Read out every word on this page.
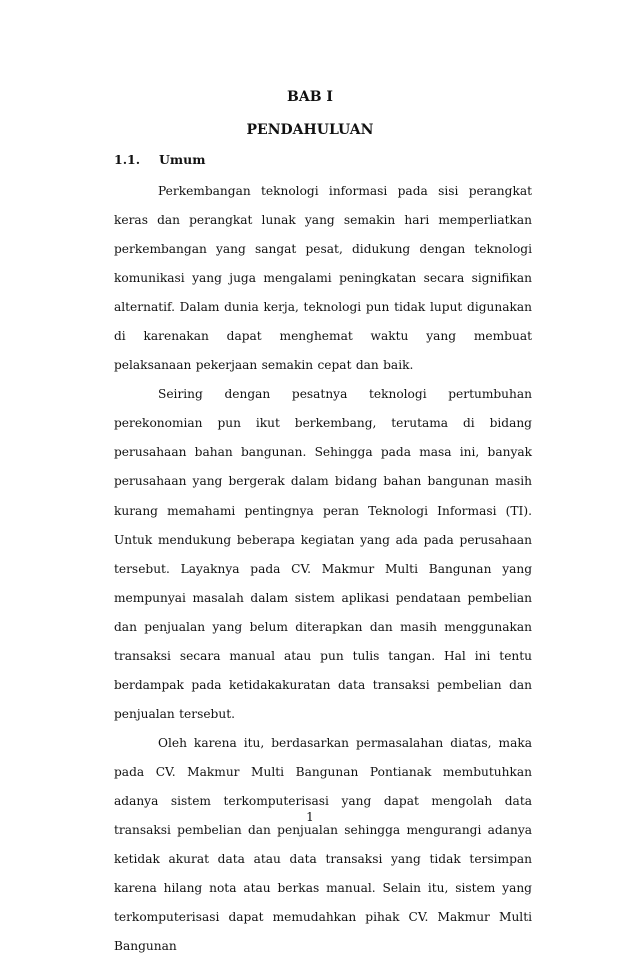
BAB I
PENDAHULUAN
1.1. Umum

Perkembangan teknologi informasi pada sisi perangkat keras dan perangkat lunak yang semakin hari memperliatkan perkembangan yang sangat pesat, didukung dengan teknologi komunikasi yang juga mengalami peningkatan secara signifikan alternatif. Dalam dunia kerja, teknologi pun tidak luput digunakan di karenakan dapat menghemat waktu yang membuat pelaksanaan pekerjaan semakin cepat dan baik.

Seiring dengan pesatnya teknologi pertumbuhan perekonomian pun ikut berkembang, terutama di bidang perusahaan bahan bangunan. Sehingga pada masa ini, banyak perusahaan yang bergerak dalam bidang bahan bangunan masih kurang memahami pentingnya peran Teknologi Informasi (TI). Untuk mendukung beberapa kegiatan yang ada pada perusahaan tersebut. Layaknya pada CV. Makmur Multi Bangunan yang mempunyai masalah dalam sistem aplikasi pendataan pembelian dan penjualan yang belum diterapkan dan masih menggunakan transaksi secara manual atau pun tulis tangan. Hal ini tentu berdampak pada ketidakakuratan data transaksi pembelian dan penjualan tersebut.

Oleh karena itu, berdasarkan permasalahan diatas, maka pada CV. Makmur Multi Bangunan Pontianak membutuhkan adanya sistem terkomputerisasi yang dapat mengolah data transaksi pembelian dan penjualan sehingga mengurangi adanya ketidak akurat data atau data transaksi yang tidak tersimpan karena hilang nota atau berkas manual. Selain itu, sistem yang terkomputerisasi dapat memudahkan pihak CV. Makmur Multi Bangunan

1
